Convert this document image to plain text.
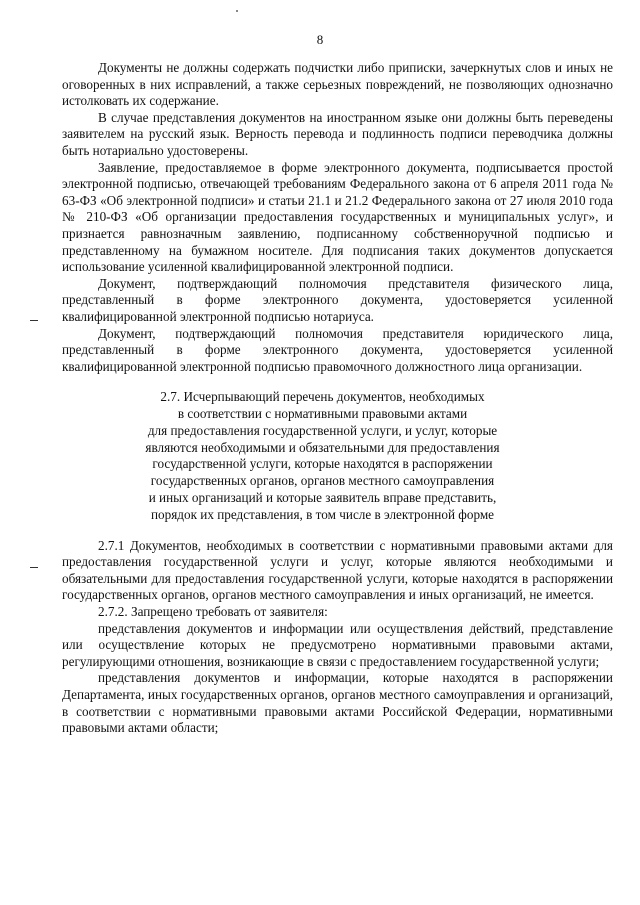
8

Документы не должны содержать подчистки либо приписки, зачеркнутых слов и иных не оговоренных в них исправлений, а также серьезных повреждений, не позволяющих однозначно истолковать их содержание.

В случае представления документов на иностранном языке они должны быть переведены заявителем на русский язык. Верность перевода и подлинность подписи переводчика должны быть нотариально удостоверены.

Заявление, предоставляемое в форме электронного документа, подписывается простой электронной подписью, отвечающей требованиям Федерального закона от 6 апреля 2011 года № 63-ФЗ «Об электронной подписи» и статьи 21.1 и 21.2 Федерального закона от 27 июля 2010 года № 210-ФЗ «Об организации предоставления государственных и муниципальных услуг», и признается равнозначным заявлению, подписанному собственноручной подписью и представленному на бумажном носителе. Для подписания таких документов допускается использование усиленной квалифицированной электронной подписи.

Документ, подтверждающий полномочия представителя физического лица, представленный в форме электронного документа, удостоверяется усиленной квалифицированной электронной подписью нотариуса.

Документ, подтверждающий полномочия представителя юридического лица, представленный в форме электронного документа, удостоверяется усиленной квалифицированной электронной подписью правомочного должностного лица организации.

2.7. Исчерпывающий перечень документов, необходимых
в соответствии с нормативными правовыми актами
для предоставления государственной услуги, и услуг, которые
являются необходимыми и обязательными для предоставления
государственной услуги, которые находятся в распоряжении
государственных органов, органов местного самоуправления
и иных организаций и которые заявитель вправе представить,
порядок их представления, в том числе в электронной форме

2.7.1 Документов, необходимых в соответствии с нормативными правовыми актами для предоставления государственной услуги и услуг, которые являются необходимыми и обязательными для предоставления государственной услуги, которые находятся в распоряжении государственных органов, органов местного самоуправления и иных организаций, не имеется.

2.7.2. Запрещено требовать от заявителя:

представления документов и информации или осуществления действий, представление или осуществление которых не предусмотрено нормативными правовыми актами, регулирующими отношения, возникающие в связи с предоставлением государственной услуги;

представления документов и информации, которые находятся в распоряжении Департамента, иных государственных органов, органов местного самоуправления и организаций, в соответствии с нормативными правовыми актами Российской Федерации, нормативными правовыми актами области;
